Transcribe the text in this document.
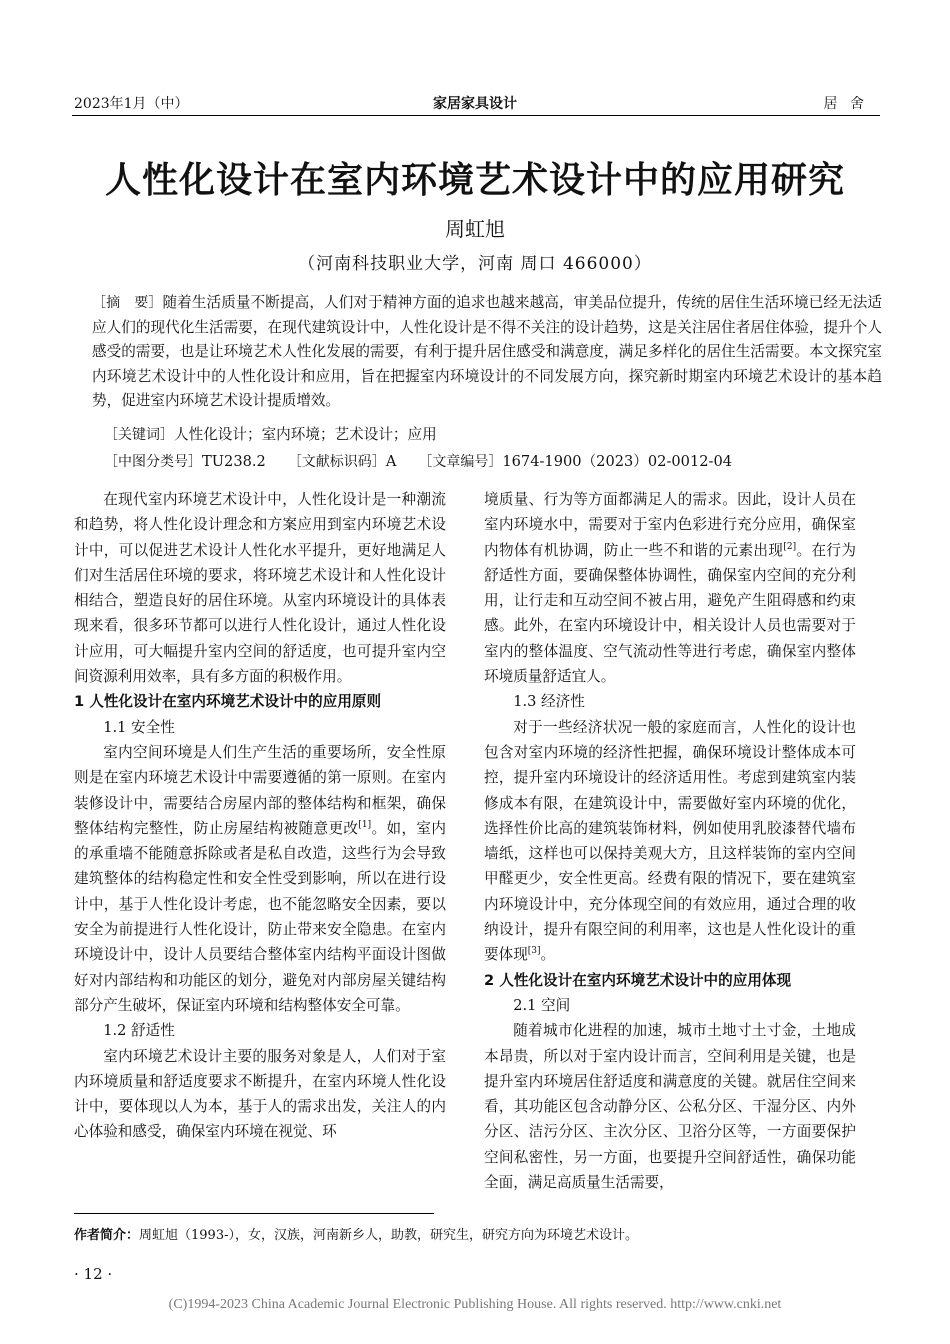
2023年1月（中）	家居家具设计	居 舍
人性化设计在室内环境艺术设计中的应用研究
周虹旭
（河南科技职业大学，河南 周口 466000）
［摘　要］随着生活质量不断提高，人们对于精神方面的追求也越来越高，审美品位提升，传统的居住生活环境已经无法适应人们的现代化生活需要，在现代建筑设计中，人性化设计是不得不关注的设计趋势，这是关注居住者居住体验，提升个人感受的需要，也是让环境艺术人性化发展的需要，有利于提升居住感受和满意度，满足多样化的居住生活需要。本文探究室内环境艺术设计中的人性化设计和应用，旨在把握室内环境设计的不同发展方向，探究新时期室内环境艺术设计的基本趋势，促进室内环境艺术设计提质增效。
［关键词］人性化设计；室内环境；艺术设计；应用
［中图分类号］TU238.2 ［文献标识码］A ［文章编号］1674-1900（2023）02-0012-04

在现代室内环境艺术设计中，人性化设计是一种潮流和趋势，将人性化设计理念和方案应用到室内环境艺术设计中，可以促进艺术设计人性化水平提升，更好地满足人们对生活居住环境的要求，将环境艺术设计和人性化设计相结合，塑造良好的居住环境。从室内环境设计的具体表现来看，很多环节都可以进行人性化设计，通过人性化设计应用，可大幅提升室内空间的舒适度，也可提升室内空间资源利用效率，具有多方面的积极作用。

1 人性化设计在室内环境艺术设计中的应用原则
1.1 安全性

室内空间环境是人们生产生活的重要场所，安全性原则是在室内环境艺术设计中需要遵循的第一原则。在室内装修设计中，需要结合房屋内部的整体结构和框架，确保整体结构完整性，防止房屋结构被随意更改[1]。如，室内的承重墙不能随意拆除或者是私自改造，这些行为会导致建筑整体的结构稳定性和安全性受到影响，所以在进行设计中，基于人性化设计考虑，也不能忽略安全因素，要以安全为前提进行人性化设计，防止带来安全隐患。在室内环境设计中，设计人员要结合整体室内结构平面设计图做好对内部结构和功能区的划分，避免对内部房屋关键结构部分产生破坏，保证室内环境和结构整体安全可靠。

1.2 舒适性

室内环境艺术设计主要的服务对象是人，人们对于室内环境质量和舒适度要求不断提升，在室内环境人性化设计中，要体现以人为本，基于人的需求出发，关注人的内心体验和感受，确保室内环境在视觉、环

境质量、行为等方面都满足人的需求。因此，设计人员在室内环境水中，需要对于室内色彩进行充分应用，确保室内物体有机协调，防止一些不和谐的元素出现[2]。在行为舒适性方面，要确保整体协调性，确保室内空间的充分利用，让行走和互动空间不被占用，避免产生阻碍感和约束感。此外，在室内环境设计中，相关设计人员也需要对于室内的整体温度、空气流动性等进行考虑，确保室内整体环境质量舒适宜人。

1.3 经济性

对于一些经济状况一般的家庭而言，人性化的设计也包含对室内环境的经济性把握，确保环境设计整体成本可控，提升室内环境设计的经济适用性。考虑到建筑室内装修成本有限，在建筑设计中，需要做好室内环境的优化，选择性价比高的建筑装饰材料，例如使用乳胶漆替代墙布墙纸，这样也可以保持美观大方，且这样装饰的室内空间甲醛更少，安全性更高。经费有限的情况下，要在建筑室内环境设计中，充分体现空间的有效应用，通过合理的收纳设计，提升有限空间的利用率，这也是人性化设计的重要体现[3]。

2 人性化设计在室内环境艺术设计中的应用体现
2.1 空间

随着城市化进程的加速，城市土地寸土寸金，土地成本昂贵，所以对于室内设计而言，空间利用是关键，也是提升室内环境居住舒适度和满意度的关键。就居住空间来看，其功能区包含动静分区、公私分区、干湿分区、内外分区、洁污分区、主次分区、卫浴分区等，一方面要保护空间私密性，另一方面，也要提升空间舒适性，确保功能全面，满足高质量生活需要，

作者简介：周虹旭（1993-），女，汉族，河南新乡人，助教，研究生，研究方向为环境艺术设计。
· 12 ·
(C)1994-2023 China Academic Journal Electronic Publishing House. All rights reserved. http://www.cnki.net
